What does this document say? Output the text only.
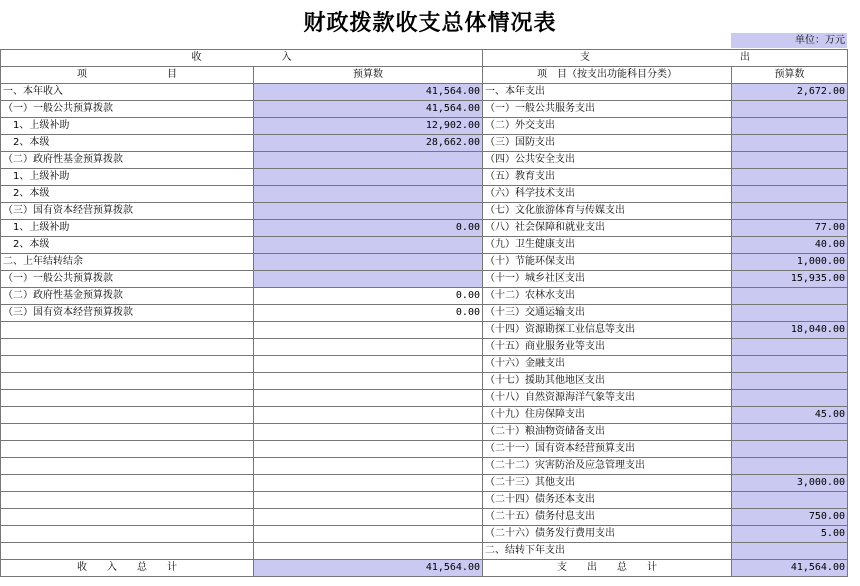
财政拨款收支总体情况表
单位：万元
收　　　　　　　　入		支　　　　　　　　　　　　　　　出	
项　　　　　　　　目	预算数	项　目（按支出功能科目分类）	预算数
一、本年收入	41,564.00	一、本年支出	2,672.00
（一）一般公共预算拨款	41,564.00	（一）一般公共服务支出	
　1、上级补助	12,902.00	（二）外交支出	
　2、本级	28,662.00	（三）国防支出	
（二）政府性基金预算拨款		（四）公共安全支出	
　1、上级补助		（五）教育支出	
　2、本级		（六）科学技术支出	
（三）国有资本经营预算拨款		（七）文化旅游体育与传媒支出	
　1、上级补助	0.00	（八）社会保障和就业支出	77.00
　2、本级		（九）卫生健康支出	40.00
二、上年结转结余		（十）节能环保支出	1,000.00
（一）一般公共预算拨款		（十一）城乡社区支出	15,935.00
（二）政府性基金预算拨款	0.00	（十二）农林水支出	
（三）国有资本经营预算拨款	0.00	（十三）交通运输支出	
		（十四）资源勘探工业信息等支出	18,040.00
		（十五）商业服务业等支出	
		（十六）金融支出	
		（十七）援助其他地区支出	
		（十八）自然资源海洋气象等支出	
		（十九）住房保障支出	45.00
		（二十）粮油物资储备支出	
		（二十一）国有资本经营预算支出	
		（二十二）灾害防治及应急管理支出	
		（二十三）其他支出	3,000.00
		（二十四）债务还本支出	
		（二十五）债务付息支出	750.00
		（二十六）债务发行费用支出	5.00
		二、结转下年支出	
收　　入　　总　　计	41,564.00	支　　出　　总　　计	41,564.00
